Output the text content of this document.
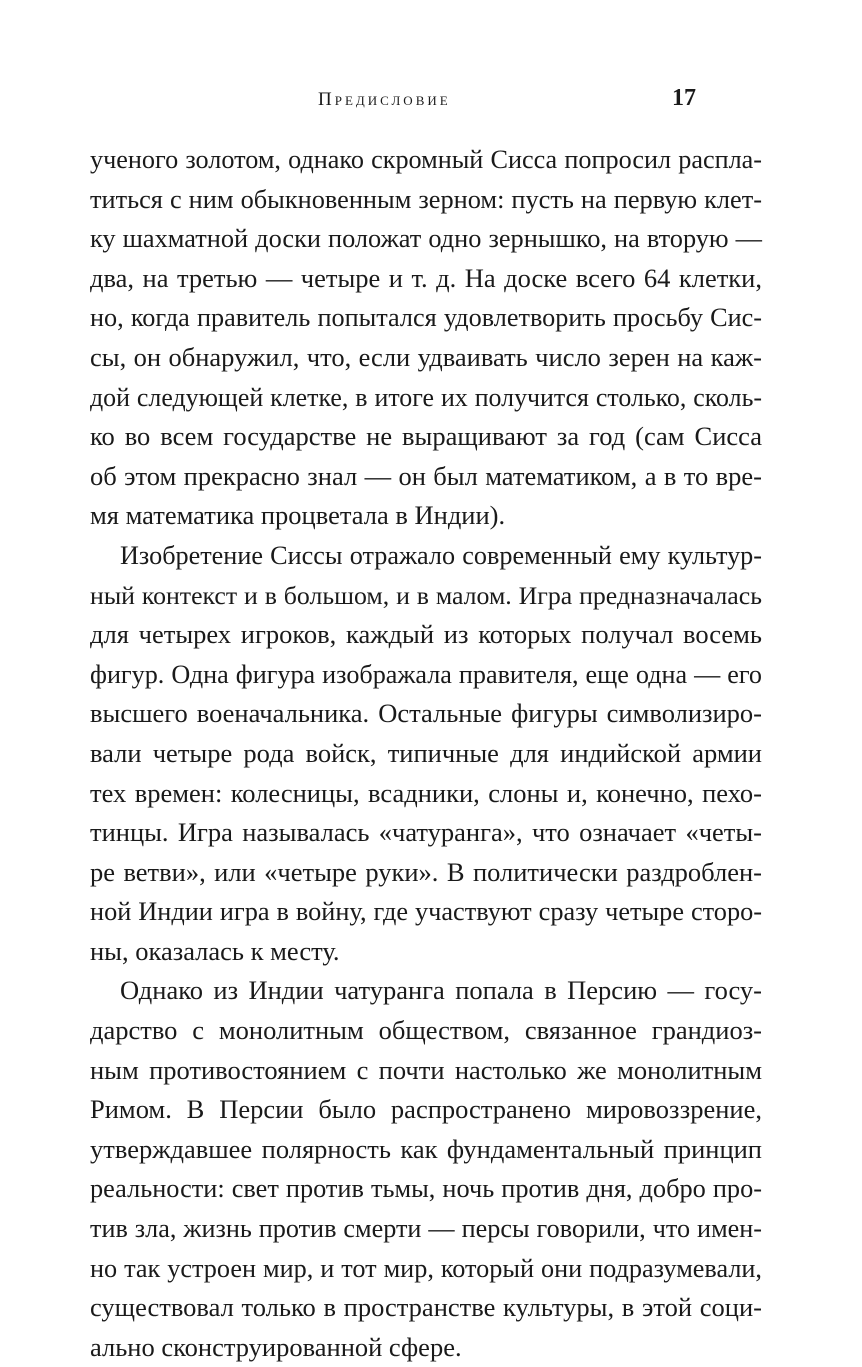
Предисловие	17
ученого золотом, однако скромный Сисса попросил распла-
титься с ним обыкновенным зерном: пусть на первую клет-
ку шахматной доски положат одно зернышко, на вторую —
два, на третью — четыре и т. д. На доске всего 64 клетки,
но, когда правитель попытался удовлетворить просьбу Сис-
сы, он обнаружил, что, если удваивать число зерен на каж-
дой следующей клетке, в итоге их получится столько, сколь-
ко во всем государстве не выращивают за год (сам Сисса
об этом прекрасно знал — он был математиком, а в то вре-
мя математика процветала в Индии).
Изобретение Сиссы отражало современный ему культур-
ный контекст и в большом, и в малом. Игра предназначалась
для четырех игроков, каждый из которых получал восемь
фигур. Одна фигура изображала правителя, еще одна — его
высшего военачальника. Остальные фигуры символизиро-
вали четыре рода войск, типичные для индийской армии
тех времен: колесницы, всадники, слоны и, конечно, пехо-
тинцы. Игра называлась «чатуранга», что означает «четы-
ре ветви», или «четыре руки». В политически раздроблен-
ной Индии игра в войну, где участвуют сразу четыре сторо-
ны, оказалась к месту.
Однако из Индии чатуранга попала в Персию — госу-
дарство с монолитным обществом, связанное грандиоз-
ным противостоянием с почти настолько же монолитным
Римом. В Персии было распространено мировоззрение,
утверждавшее полярность как фундаментальный принцип
реальности: свет против тьмы, ночь против дня, добро про-
тив зла, жизнь против смерти — персы говорили, что имен-
но так устроен мир, и тот мир, который они подразумевали,
существовал только в пространстве культуры, в этой соци-
ально сконструированной сфере.
